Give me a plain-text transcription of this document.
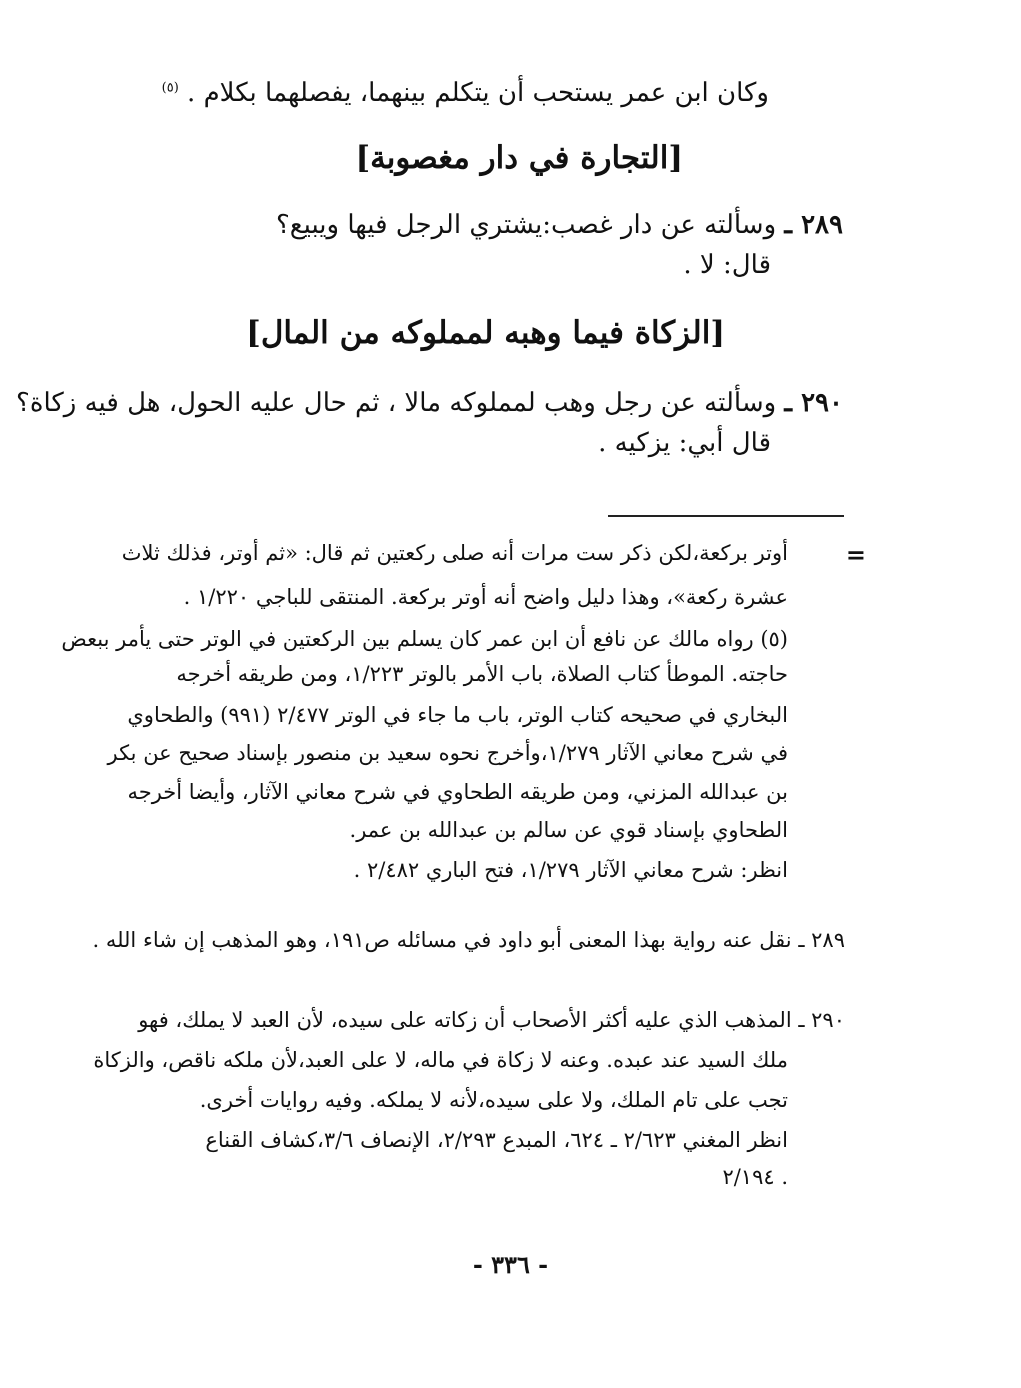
وكان ابن عمر يستحب أن يتكلم بينهما، يفصلهما بكلام . $^{(٥)}$
[التجارة في دار مغصوبة]
٢٨٩ ـ وسألته عن دار غصب:يشتري الرجل فيها ويبيع؟
قال: لا .
[الزكاة فيما وهبه لمملوكه من المال]
٢٩٠ ـ وسألته عن رجل وهب لمملوكه مالا ، ثم حال عليه الحول، هل فيه زكاة؟
قال أبي: يزكيه .
=
أوتر بركعة،لكن ذكر ست مرات أنه صلى ركعتين ثم قال: «ثم أوتر، فذلك ثلاث
عشرة ركعة»، وهذا دليل واضح أنه أوتر بركعة. المنتقى للباجي ١/٢٢٠ .
(٥) رواه مالك عن نافع أن ابن عمر كان يسلم بين الركعتين في الوتر حتى يأمر ببعض
حاجته. الموطأ كتاب الصلاة، باب الأمر بالوتر ١/٢٢٣، ومن طريقه أخرجه
البخاري في صحيحه كتاب الوتر، باب ما جاء في الوتر ٢/٤٧٧ (٩٩١) والطحاوي
في شرح معاني الآثار ١/٢٧٩،وأخرج نحوه سعيد بن منصور بإسناد صحيح عن بكر
بن عبدالله المزني، ومن طريقه الطحاوي في شرح معاني الآثار، وأيضا أخرجه
الطحاوي بإسناد قوي عن سالم بن عبدالله بن عمر.
انظر: شرح معاني الآثار ١/٢٧٩، فتح الباري ٢/٤٨٢ .
٢٨٩ ـ نقل عنه رواية بهذا المعنى أبو داود في مسائله ص١٩١، وهو المذهب إن شاء الله .
٢٩٠ ـ المذهب الذي عليه أكثر الأصحاب أن زكاته على سيده، لأن العبد لا يملك، فهو
ملك السيد عند عبده. وعنه لا زكاة في ماله، لا على العبد،لأن ملكه ناقص، والزكاة
تجب على تام الملك، ولا على سيده،لأنه لا يملكه. وفيه روايات أخرى.
انظر المغني ٢/٦٢٣ ـ ٦٢٤، المبدع ٢/٢٩٣، الإنصاف ٣/٦،كشاف القناع
٢/١٩٤ .
- ٣٣٦ -
